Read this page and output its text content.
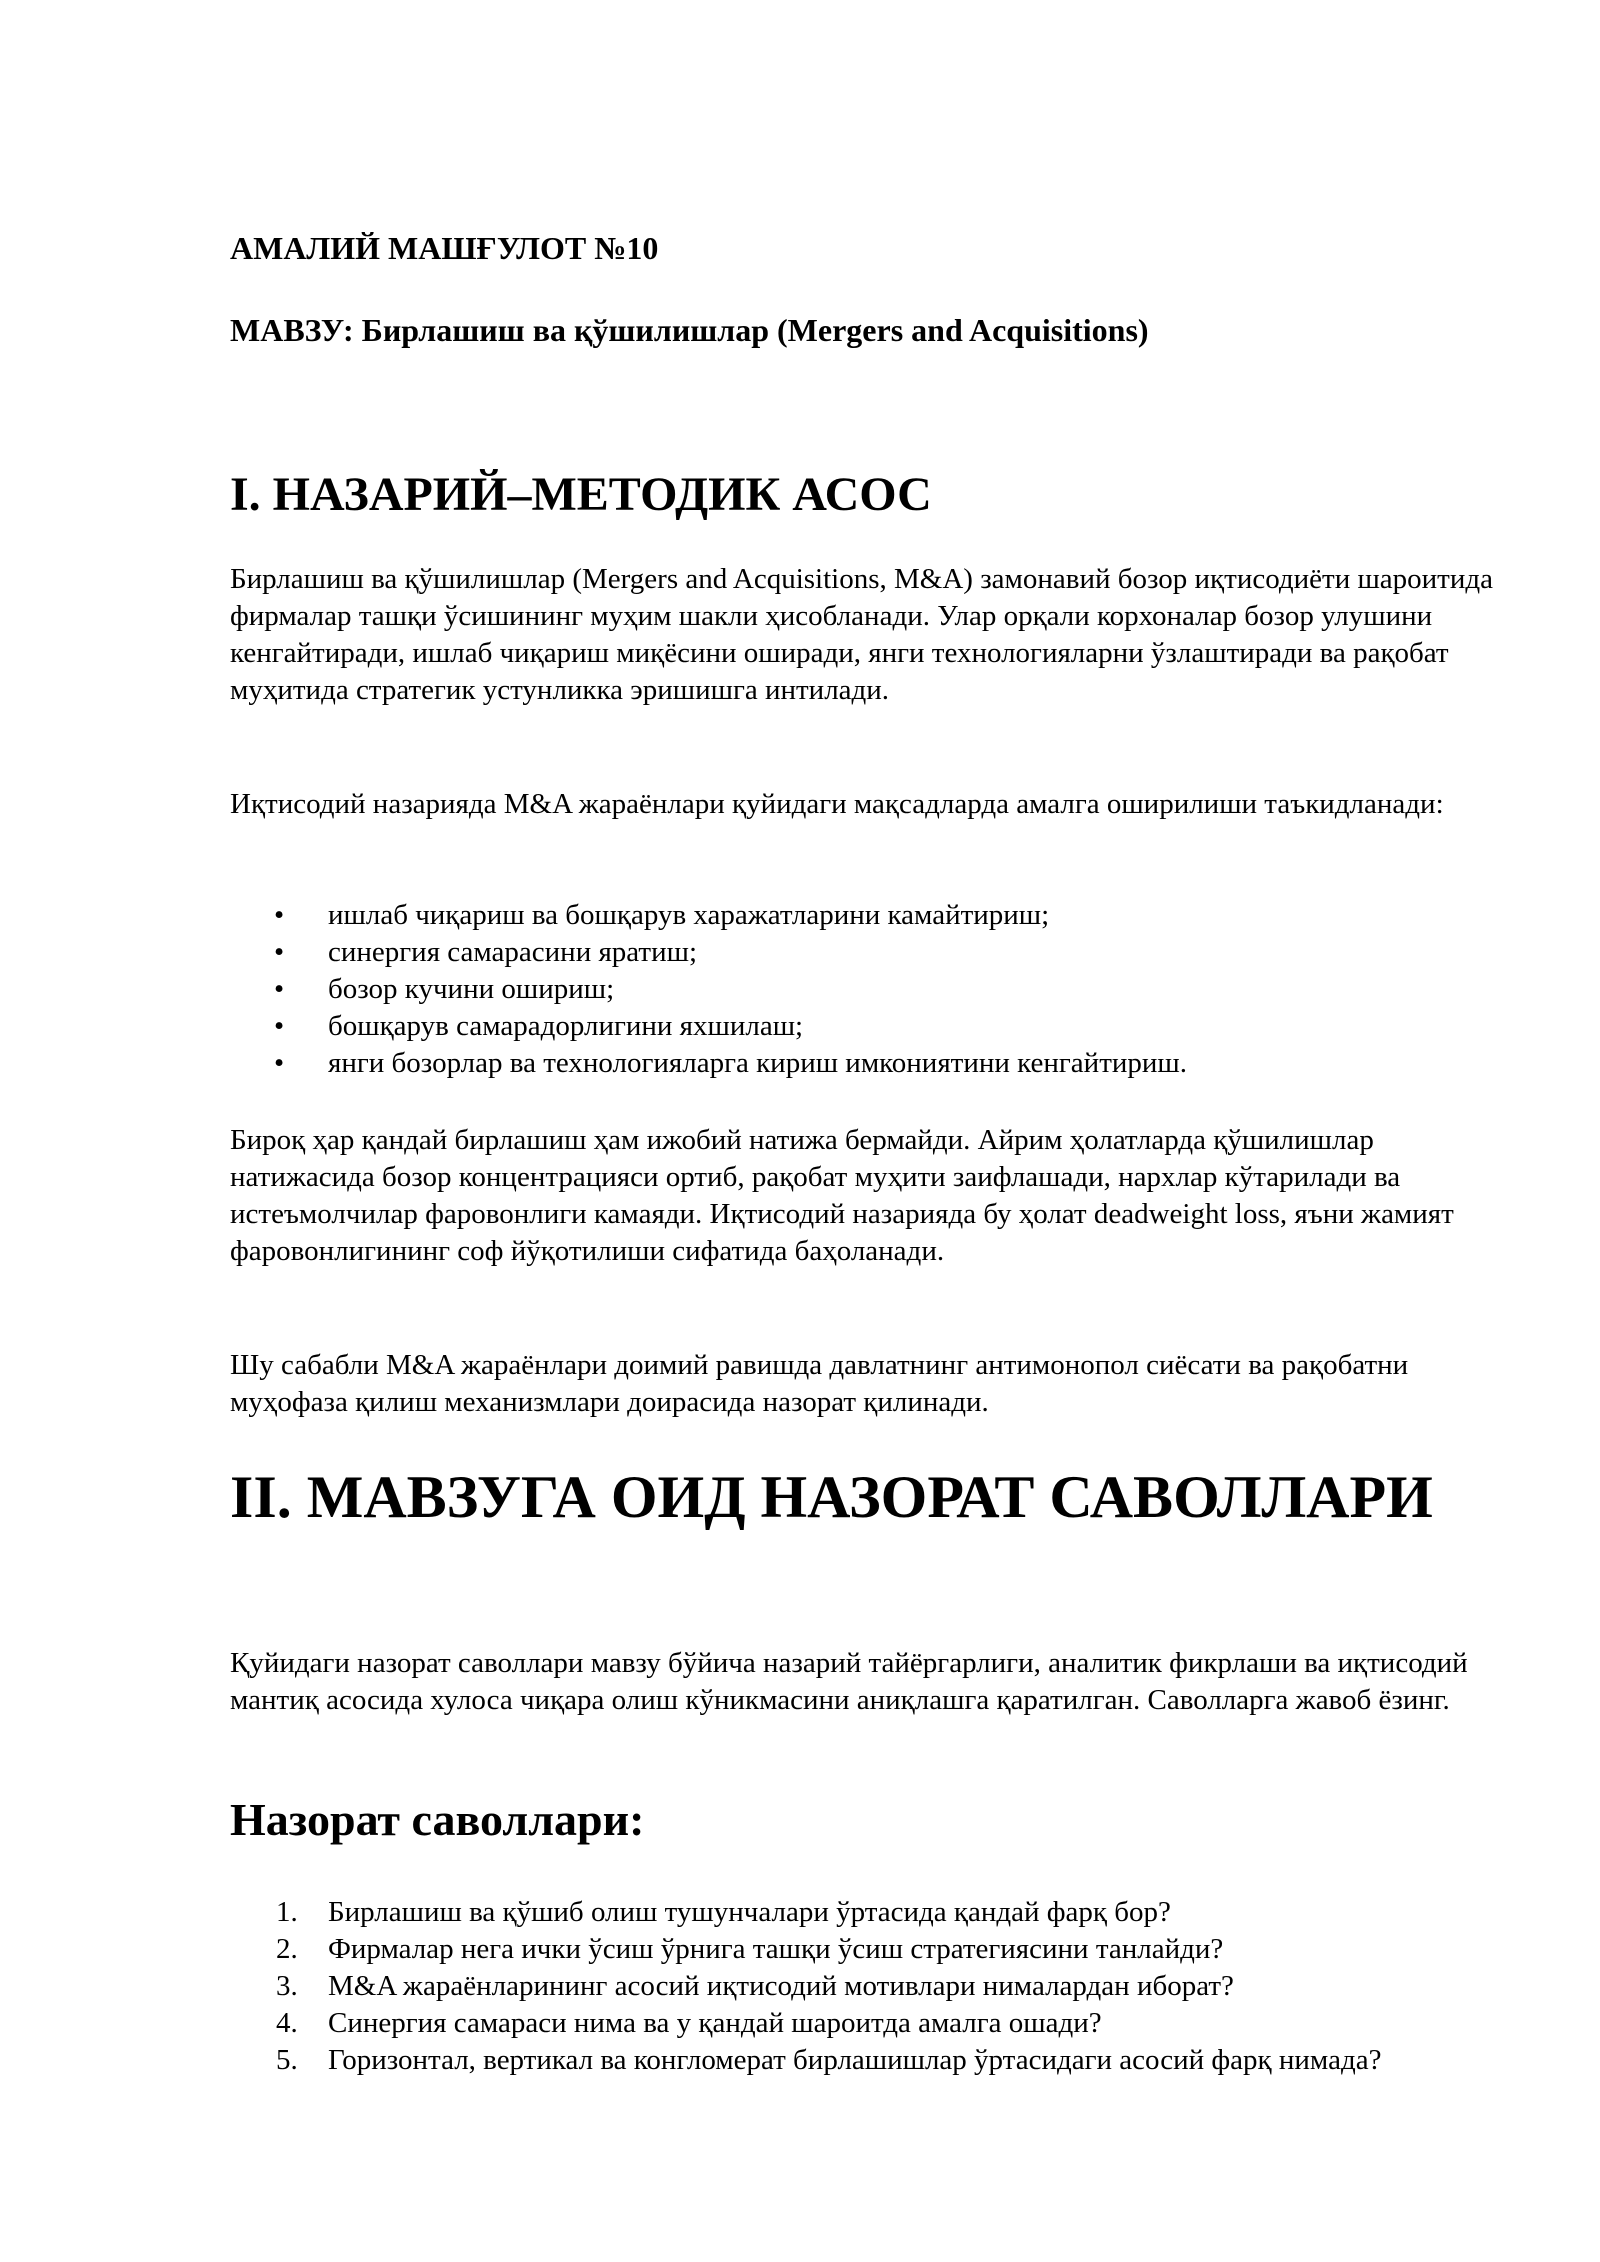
АМАЛИЙ МАШҒУЛОТ №10

МАВЗУ: Бирлашиш ва қўшилишлар (Mergers and Acquisitions)

I. НАЗАРИЙ–МЕТОДИК АСОС

Бирлашиш ва қўшилишлар (Mergers and Acquisitions, M&A) замонавий бозор иқтисодиёти шароитида фирмалар ташқи ўсишининг муҳим шакли ҳисобланади. Улар орқали корхоналар бозор улушини кенгайтиради, ишлаб чиқариш миқёсини оширади, янги технологияларни ўзлаштиради ва рақобат муҳитида стратегик устунликка эришишга интилади.

Иқтисодий назарияда M&A жараёнлари қуйидаги мақсадларда амалга оширилиши таъкидланади:

• ишлаб чиқариш ва бошқарув харажатларини камайтириш;
• синергия самарасини яратиш;
• бозор кучини ошириш;
• бошқарув самарадорлигини яхшилаш;
• янги бозорлар ва технологияларга кириш имкониятини кенгайтириш.

Бироқ ҳар қандай бирлашиш ҳам ижобий натижа бермайди. Айрим ҳолатларда қўшилишлар натижасида бозор концентрацияси ортиб, рақобат муҳити заифлашади, нархлар кўтарилади ва истеъмолчилар фаровонлиги камаяди. Иқтисодий назарияда бу ҳолат deadweight loss, яъни жамият фаровонлигининг соф йўқотилиши сифатида баҳоланади.

Шу сабабли M&A жараёнлари доимий равишда давлатнинг антимонопол сиёсати ва рақобатни муҳофаза қилиш механизмлари доирасида назорат қилинади.

II. МАВЗУГА ОИД НАЗОРАТ САВОЛЛАРИ

Қуйидаги назорат саволлари мавзу бўйича назарий тайёргарлиги, аналитик фикрлаши ва иқтисодий мантиқ асосида хулоса чиқара олиш кўникмасини аниқлашга қаратилган. Саволларга жавоб ёзинг.

Назорат саволлари:
1. Бирлашиш ва қўшиб олиш тушунчалари ўртасида қандай фарқ бор?
2. Фирмалар нега ички ўсиш ўрнига ташқи ўсиш стратегиясини танлайди?
3. M&A жараёнларининг асосий иқтисодий мотивлари нималардан иборат?
4. Синергия самараси нима ва у қандай шароитда амалга ошади?
5. Горизонтал, вертикал ва конгломерат бирлашишлар ўртасидаги асосий фарқ нимада?
